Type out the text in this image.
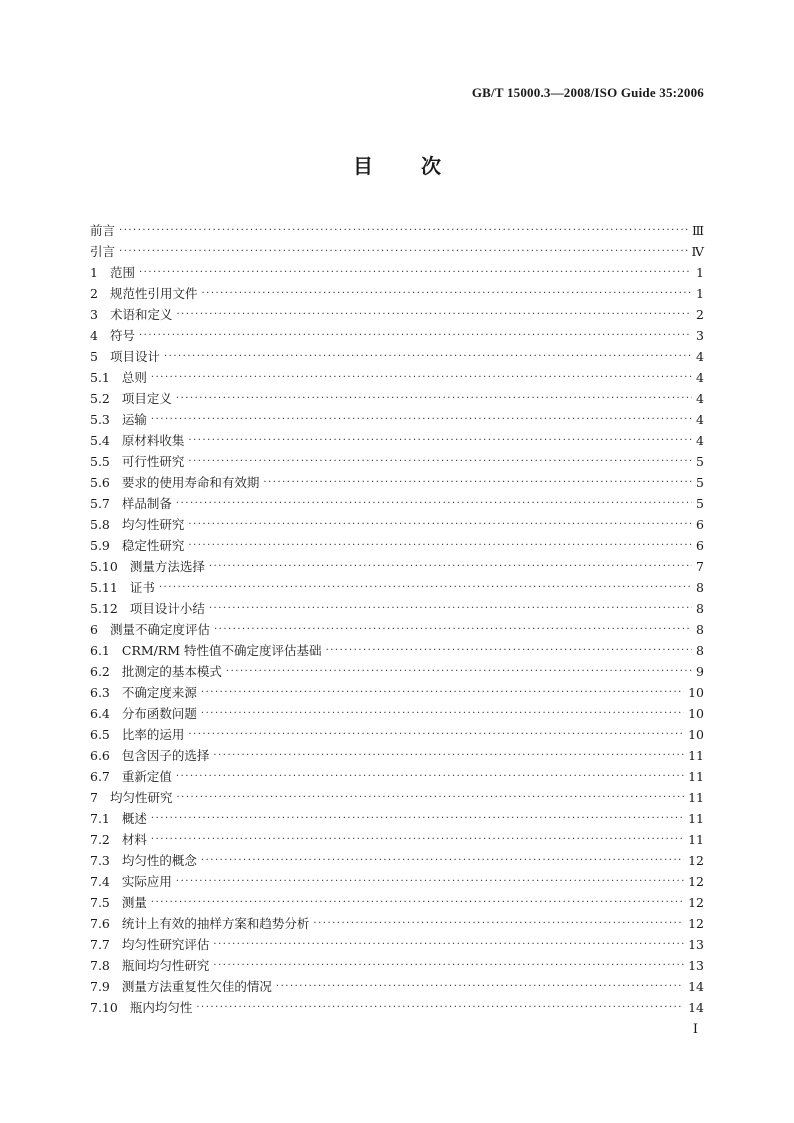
GB/T 15000.3—2008/ISO Guide 35:2006
目 次
前言 ·····	Ⅲ
引言 ·····	Ⅳ
1 范围 ·····	1
2 规范性引用文件 ·····	1
3 术语和定义 ·····	2
4 符号 ·····	3
5 项目设计 ·····	4
5.1 总则 ·····	4
5.2 项目定义 ·····	4
5.3 运输 ·····	4
5.4 原材料收集 ·····	4
5.5 可行性研究 ·····	5
5.6 要求的使用寿命和有效期 ·····	5
5.7 样品制备 ·····	5
5.8 均匀性研究 ·····	6
5.9 稳定性研究 ·····	6
5.10 测量方法选择 ·····	7
5.11 证书 ·····	8
5.12 项目设计小结 ·····	8
6 测量不确定度评估 ·····	8
6.1 CRM/RM 特性值不确定度评估基础 ·····	8
6.2 批测定的基本模式 ·····	9
6.3 不确定度来源 ·····	10
6.4 分布函数问题 ·····	10
6.5 比率的运用 ·····	10
6.6 包含因子的选择 ·····	11
6.7 重新定值 ·····	11
7 均匀性研究 ·····	11
7.1 概述 ·····	11
7.2 材料 ·····	11
7.3 均匀性的概念 ·····	12
7.4 实际应用 ·····	12
7.5 测量 ·····	12
7.6 统计上有效的抽样方案和趋势分析 ·····	12
7.7 均匀性研究评估 ·····	13
7.8 瓶间均匀性研究 ·····	13
7.9 测量方法重复性欠佳的情况 ·····	14
7.10 瓶内均匀性 ·····	14
I
